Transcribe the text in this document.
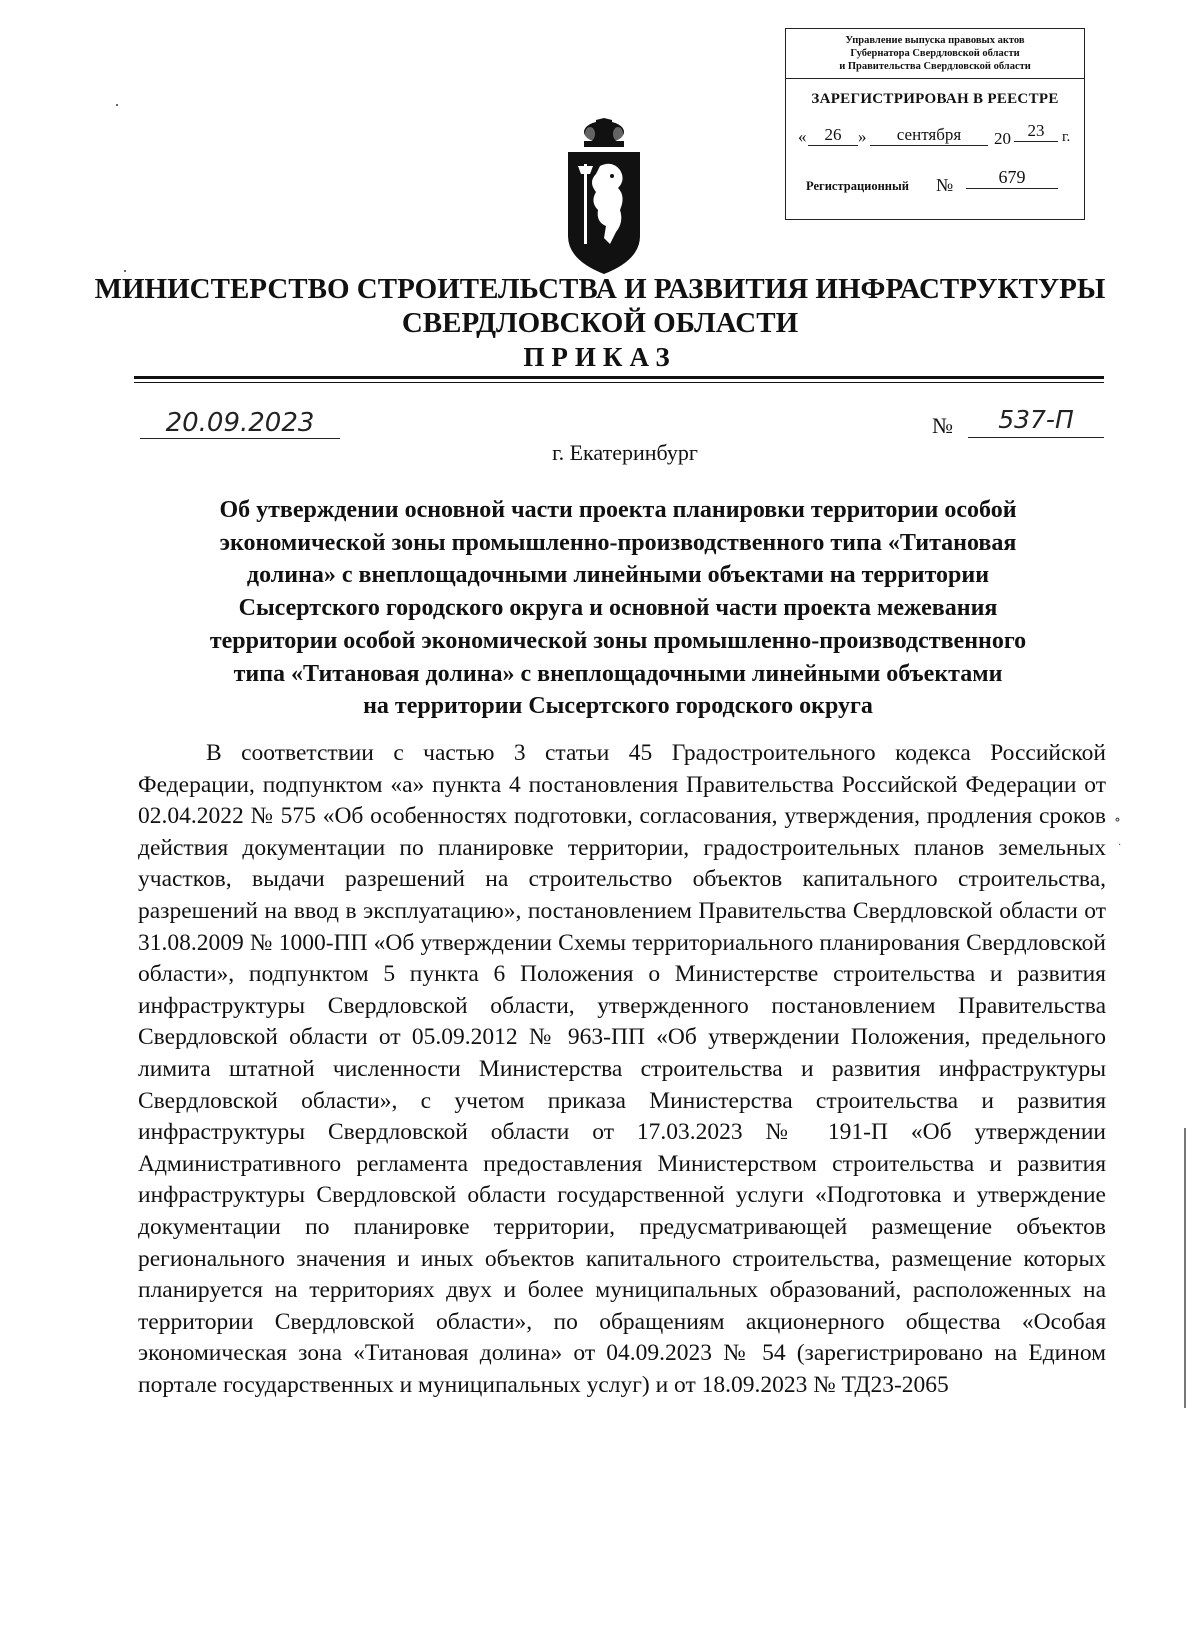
Управление выпуска правовых актов
Губернатора Свердловской области
и Правительства Свердловской области
ЗАРЕГИСТРИРОВАН В РЕЕСТРЕ
«	26 »	сентября	20 23	г.
Регистрационный №	679
МИНИСТЕРСТВО СТРОИТЕЛЬСТВА И РАЗВИТИЯ ИНФРАСТРУКТУРЫ
СВЕРДЛОВСКОЙ ОБЛАСТИ
ПРИКАЗ
20.09.2023	№	537-П
г. Екатеринбург
Об утверждении основной части проекта планировки территории особой
экономической зоны промышленно-производственного типа «Титановая
долина» с внеплощадочными линейными объектами на территории
Сысертского городского округа и основной части проекта межевания
территории особой экономической зоны промышленно-производственного
типа «Титановая долина» с внеплощадочными линейными объектами
на территории Сысертского городского округа
В соответствии с частью 3 статьи 45 Градостроительного кодекса Российской Федерации, подпунктом «а» пункта 4 постановления Правительства Российской Федерации от 02.04.2022 № 575 «Об особенностях подготовки, согласования, утверждения, продления сроков действия документации по планировке территории, градостроительных планов земельных участков, выдачи разрешений на строительство объектов капитального строительства, разрешений на ввод в эксплуатацию», постановлением Правительства Свердловской области от 31.08.2009 № 1000-ПП «Об утверждении Схемы территориального планирования Свердловской области», подпунктом 5 пункта 6 Положения о Министерстве строительства и развития инфраструктуры Свердловской области, утвержденного постановлением Правительства Свердловской области от 05.09.2012 № 963-ПП «Об утверждении Положения, предельного лимита штатной численности Министерства строительства и развития инфраструктуры Свердловской области», с учетом приказа Министерства строительства и развития инфраструктуры Свердловской области от 17.03.2023 № 191-П «Об утверждении Административного регламента предоставления Министерством строительства и развития инфраструктуры Свердловской области государственной услуги «Подготовка и утверждение документации по планировке территории, предусматривающей размещение объектов регионального значения и иных объектов капитального строительства, размещение которых планируется на территориях двух и более муниципальных образований, расположенных на территории Свердловской области», по обращениям акционерного общества «Особая экономическая зона «Титановая долина» от 04.09.2023 № 54 (зарегистрировано на Едином портале государственных и муниципальных услуг) и от 18.09.2023 № ТД23-2065
∘
·
